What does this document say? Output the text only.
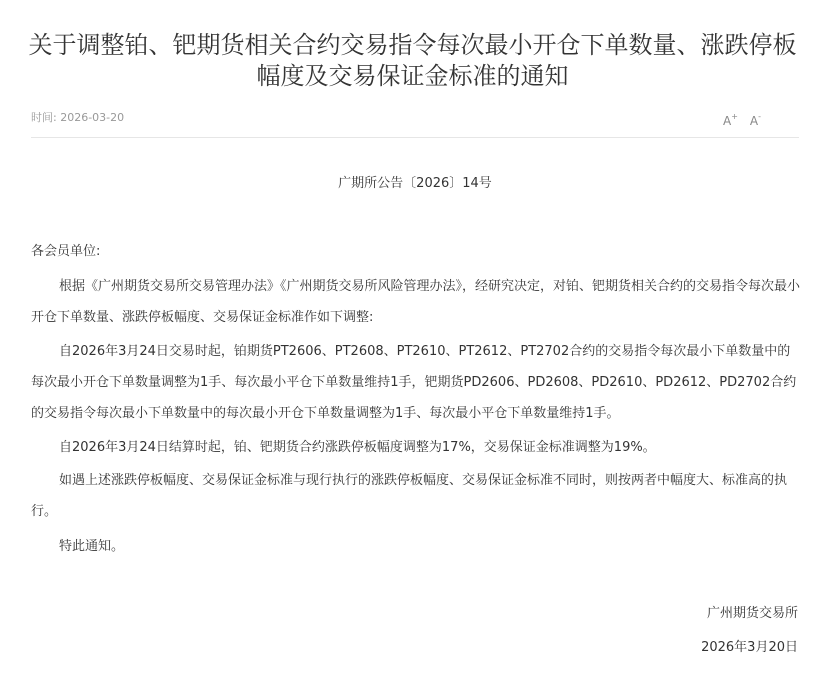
关于调整铂、钯期货相关合约交易指令每次最小开仓下单数量、涨跌停板幅度及交易保证金标准的通知
时间: 2026-03-20	A+ A-
广期所公告〔2026〕14号
各会员单位:

根据《广州期货交易所交易管理办法》《广州期货交易所风险管理办法》，经研究决定，对铂、钯期货相关合约的交易指令每次最小开仓下单数量、涨跌停板幅度、交易保证金标准作如下调整:

自2026年3月24日交易时起，铂期货PT2606、PT2608、PT2610、PT2612、PT2702合约的交易指令每次最小下单数量中的每次最小开仓下单数量调整为1手、每次最小平仓下单数量维持1手，钯期货PD2606、PD2608、PD2610、PD2612、PD2702合约的交易指令每次最小下单数量中的每次最小开仓下单数量调整为1手、每次最小平仓下单数量维持1手。

自2026年3月24日结算时起，铂、钯期货合约涨跌停板幅度调整为17%，交易保证金标准调整为19%。

如遇上述涨跌停板幅度、交易保证金标准与现行执行的涨跌停板幅度、交易保证金标准不同时，则按两者中幅度大、标准高的执行。

特此通知。

广州期货交易所
2026年3月20日
